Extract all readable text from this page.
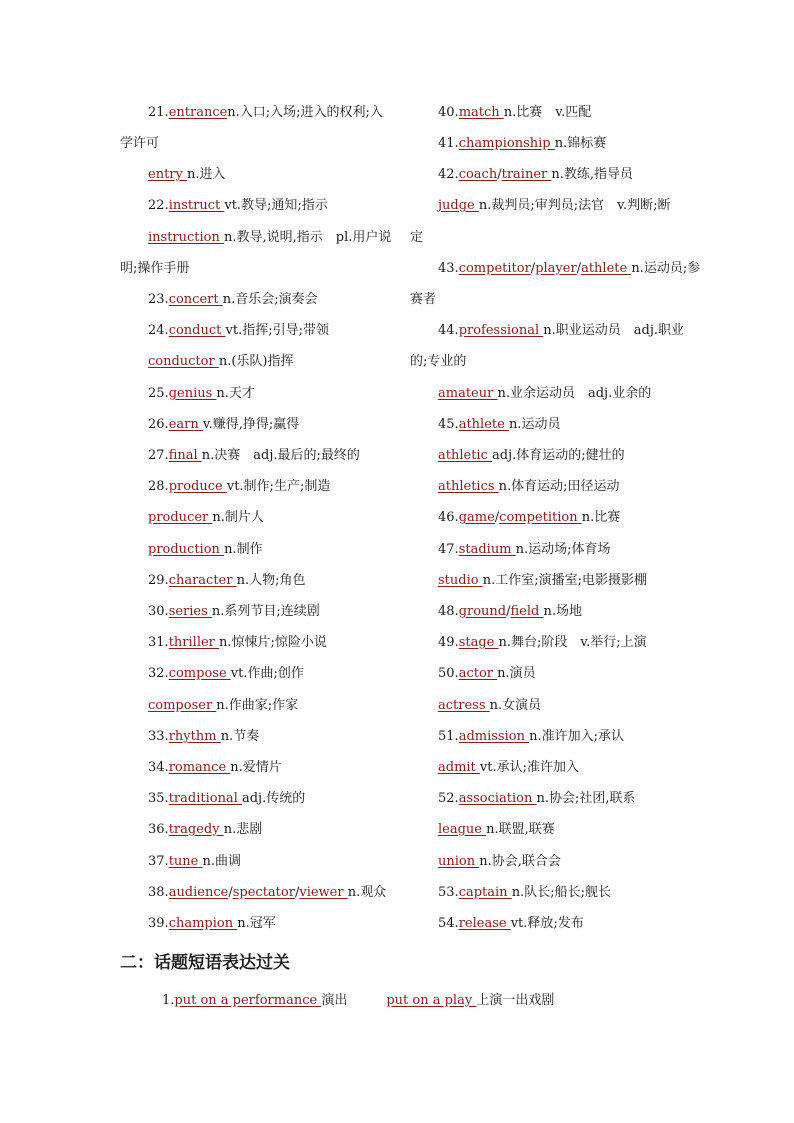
21.entrancen.入口;入场;进入的权利;入
学许可
entry n.进入
22.instruct vt.教导;通知;指示
instruction n.教导,说明,指示　pl.用户说
明;操作手册
23.concert n.音乐会;演奏会
24.conduct vt.指挥;引导;带领
conductor n.(乐队)指挥
25.genius n.天才
26.earn v.赚得,挣得;赢得
27.final n.决赛　adj.最后的;最终的
28.produce vt.制作;生产;制造
producer n.制片人
production n.制作
29.character n.人物;角色
30.series n.系列节目;连续剧
31.thriller n.惊悚片;惊险小说
32.compose vt.作曲;创作
composer n.作曲家;作家
33.rhythm n.节奏
34.romance n.爱情片
35.traditional adj.传统的
36.tragedy n.悲剧
37.tune n.曲调
38.audience/spectator/viewer n.观众
39.champion n.冠军
40.match n.比赛　v.匹配
41.championship n.锦标赛
42.coach/trainer n.教练,指导员
judge n.裁判员;审判员;法官　v.判断;断
定
43.competitor/player/athlete n.运动员;参
赛者
44.professional n.职业运动员　adj.职业
的;专业的
amateur n.业余运动员　adj.业余的
45.athlete n.运动员
athletic adj.体育运动的;健壮的
athletics n.体育运动;田径运动
46.game/competition n.比赛
47.stadium n.运动场;体育场
studio n.工作室;演播室;电影摄影棚
48.ground/field n.场地
49.stage n.舞台;阶段　v.举行;上演
50.actor n.演员
actress n.女演员
51.admission n.准许加入;承认
admit vt.承认;准许加入
52.association n.协会;社团,联系
league n.联盟,联赛
union n.协会,联合会
53.captain n.队长;船长;舰长
54.release vt.释放;发布
二：话题短语表达过关
1.put on a performance 演出　　　	put on a play 上演一出戏剧
